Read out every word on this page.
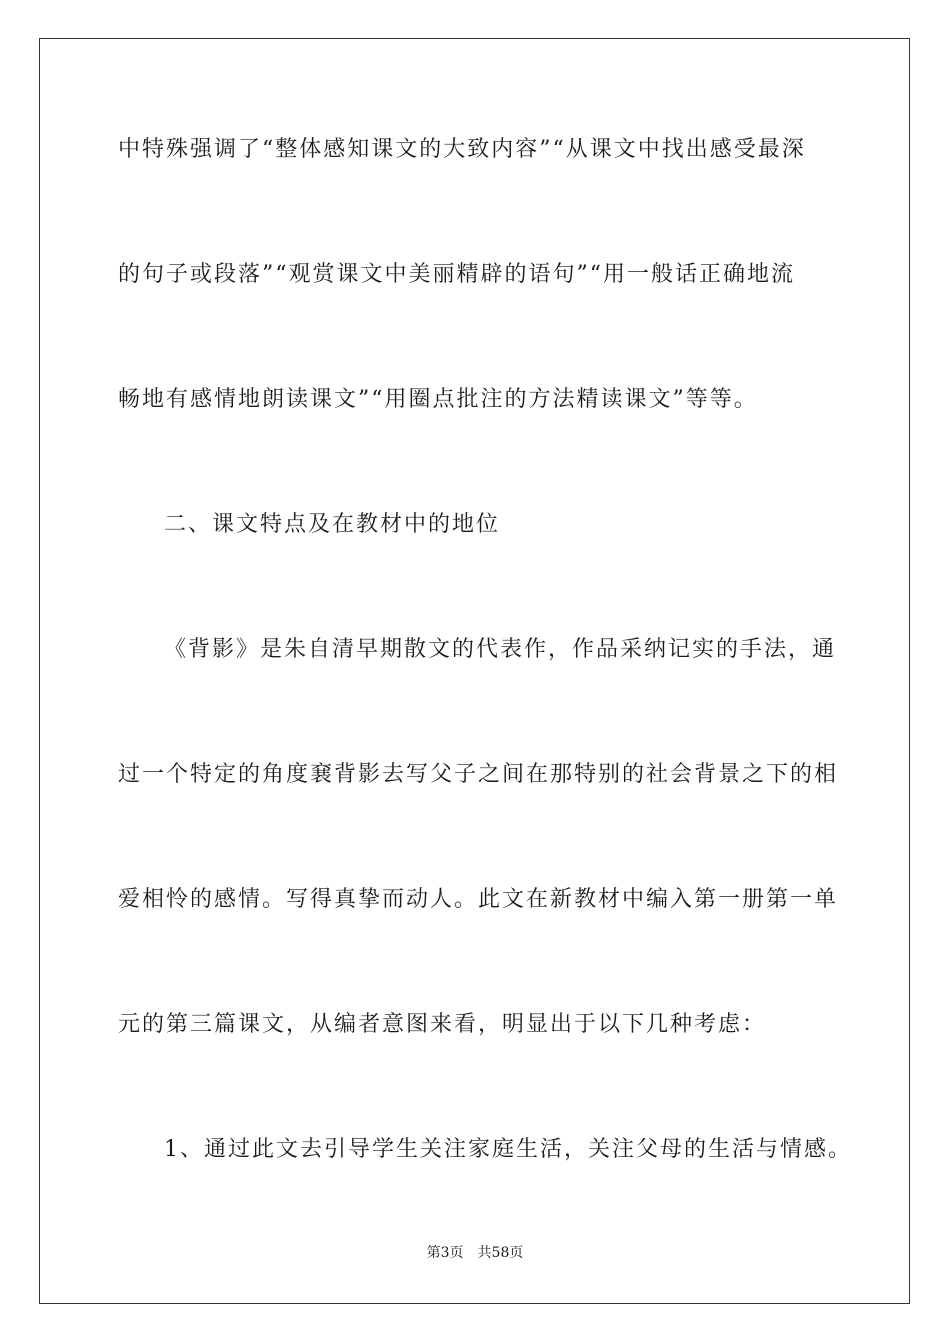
中特殊强调了“整体感知课文的大致内容”“从课文中找出感受最深
的句子或段落”“观赏课文中美丽精辟的语句”“用一般话正确地流
畅地有感情地朗读课文”“用圈点批注的方法精读课文”等等。
二、课文特点及在教材中的地位
《背影》是朱自清早期散文的代表作，作品采纳记实的手法，通
过一个特定的角度㐮背影去写父子之间在那特别的社会背景之下的相
爱相怜的感情。写得真挚而动人。此文在新教材中编入第一册第一单
元的第三篇课文，从编者意图来看，明显出于以下几种考虑：
1、通过此文去引导学生关注家庭生活，关注父母的生活与情感。
第3页 共58页
